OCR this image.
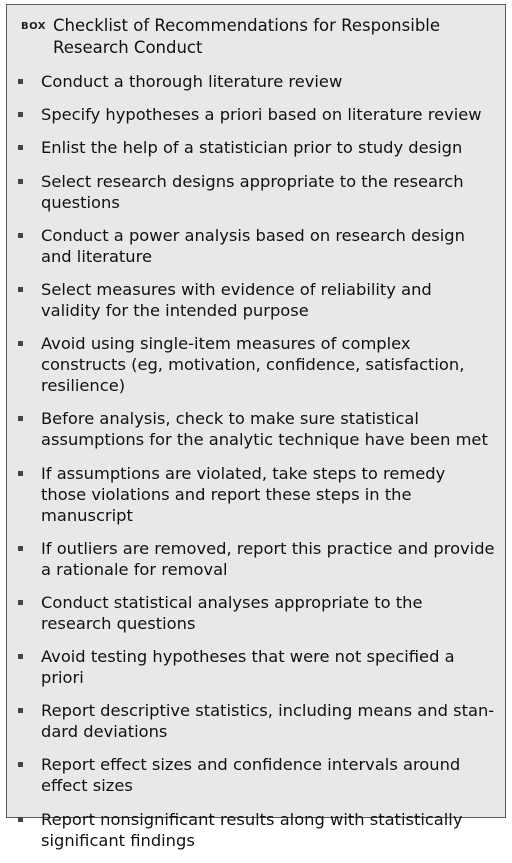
BOX Checklist of Recommendations for Responsible Research Conduct
Conduct a thorough literature review
Specify hypotheses a priori based on literature review
Enlist the help of a statistician prior to study design
Select research designs appropriate to the research questions
Conduct a power analysis based on research design and literature
Select measures with evidence of reliability and validity for the intended purpose
Avoid using single-item measures of complex constructs (eg, motivation, confidence, satisfaction, resilience)
Before analysis, check to make sure statistical assumptions for the analytic technique have been met
If assumptions are violated, take steps to remedy those violations and report these steps in the manuscript
If outliers are removed, report this practice and provide a rationale for removal
Conduct statistical analyses appropriate to the research questions
Avoid testing hypotheses that were not specified a priori
Report descriptive statistics, including means and stan- dard deviations
Report effect sizes and confidence intervals around effect sizes
Report nonsignificant results along with statistically significant findings
